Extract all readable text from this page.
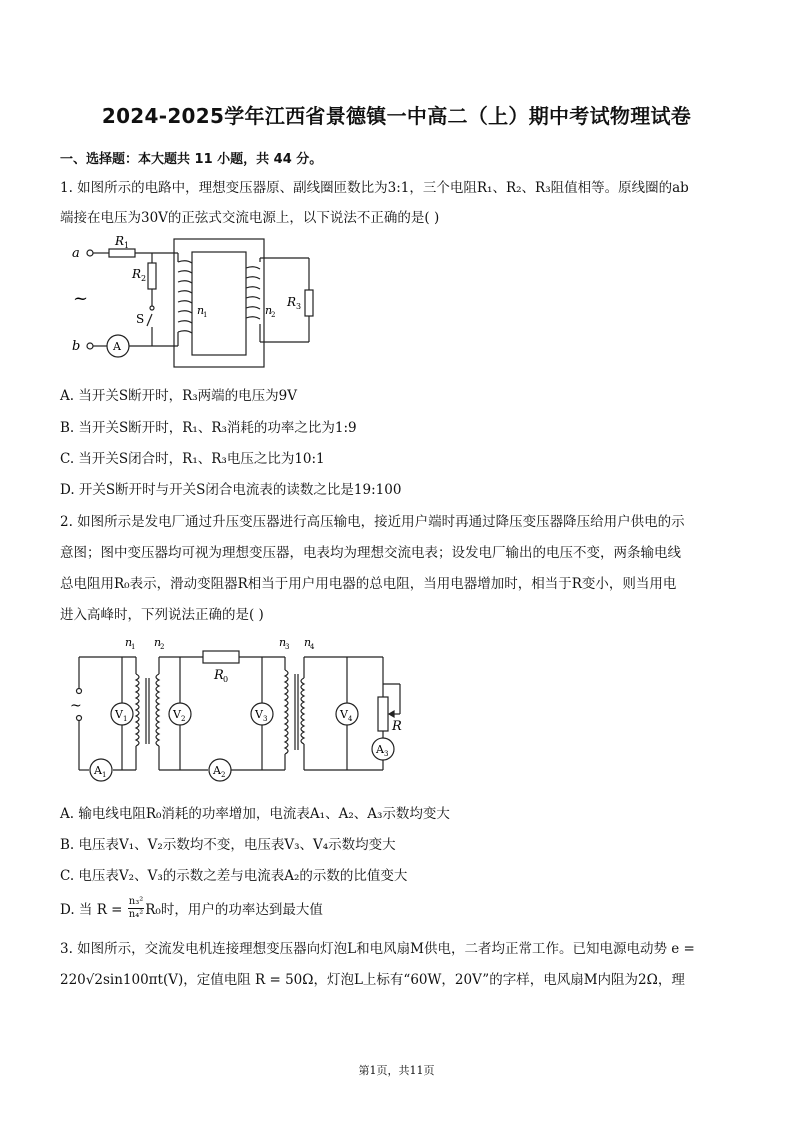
2024-2025学年江西省景德镇一中高二（上）期中考试物理试卷
一、选择题：本大题共 11 小题，共 44 分。
1. 如图所示的电路中，理想变压器原、副线圈匝数比为3:1，三个电阻R₁、R₂、R₃阻值相等。原线圈的ab
端接在电压为30V的正弦式交流电源上，以下说法不正确的是( )
a
b
~
R 1
R 2
S
A
n
1	n
2
R 3
A. 当开关S断开时，R₃两端的电压为9V
B. 当开关S断开时，R₁、R₃消耗的功率之比为1:9
C. 当开关S闭合时，R₁、R₃电压之比为10:1
D. 开关S断开时与开关S闭合电流表的读数之比是19:100
2. 如图所示是发电厂通过升压变压器进行高压输电，接近用户端时再通过降压变压器降压给用户供电的示
意图；图中变压器均可视为理想变压器，电表均为理想交流电表；设发电厂输出的电压不变，两条输电线
总电阻用R₀表示，滑动变阻器R相当于用户用电器的总电阻，当用电器增加时，相当于R变小，则当用电
进入高峰时，下列说法正确的是( )
~
n
1 n
2	n
3 n
4
R 0
R
V 1	V 2	V 3	V 4
A 1	A 2
A 3
A. 输电线电阻R₀消耗的功率增加，电流表A₁、A₂、A₃示数均变大
B. 电压表V₁、V₂示数均不变，电压表V₃、V₄示数均变大
C. 电压表V₂、V₃的示数之差与电流表A₂的示数的比值变大
D. 当 $R = \frac{\text{n₃²}}{\text{n₄²}} R_0$时，用户的功率达到最大值
3. 如图所示，交流发电机连接理想变压器向灯泡L和电风扇M供电，二者均正常工作。已知电源电动势 e =
220√2sin100πt(V)，定值电阻 R = 50Ω，灯泡L上标有“60W，20V”的字样，电风扇M内阻为2Ω，理
第1页，共11页
